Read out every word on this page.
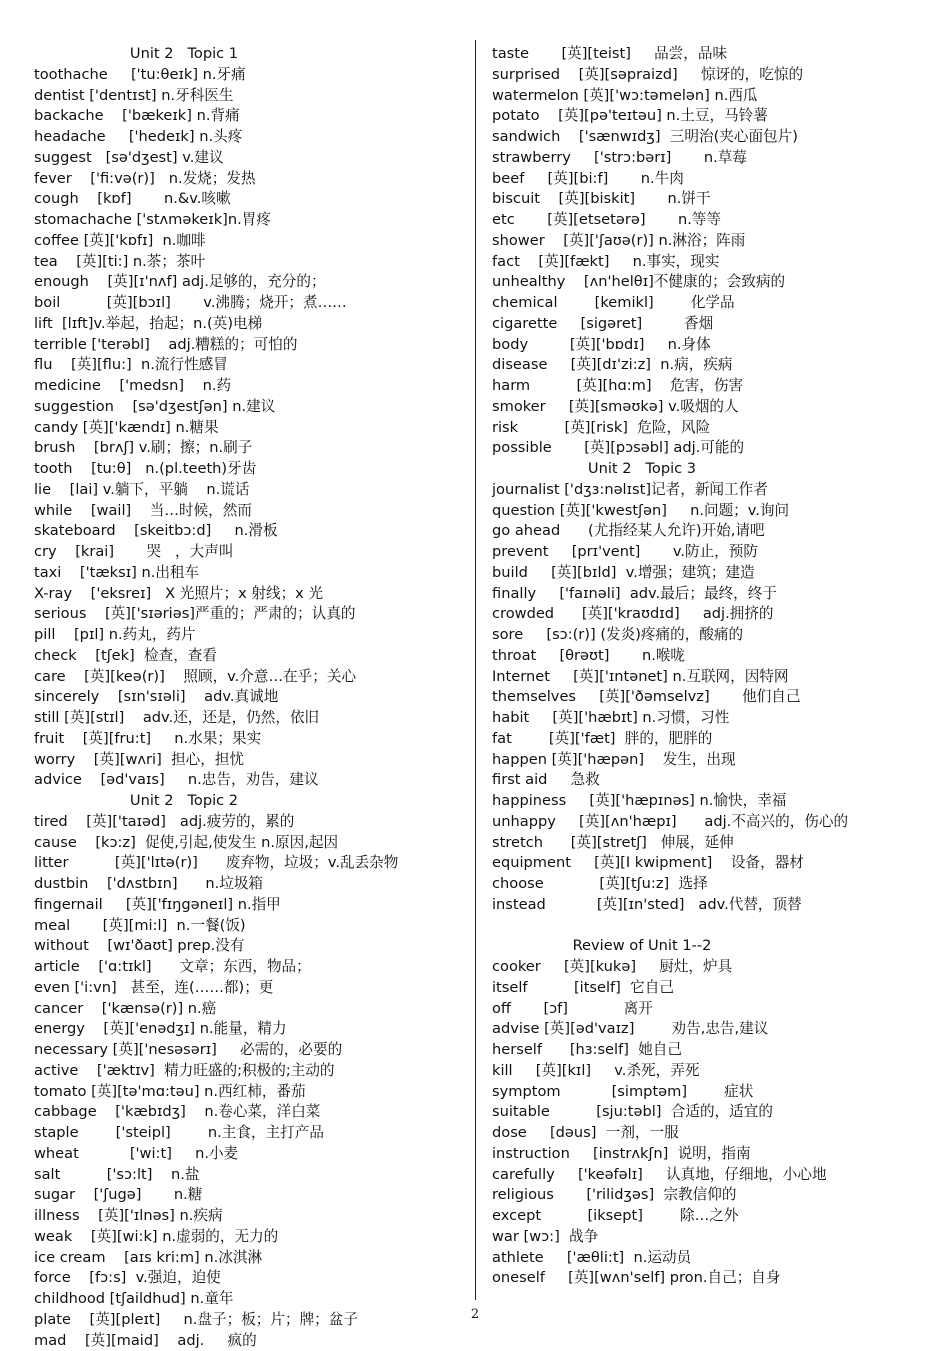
Unit 2   Topic 1
toothache     ['tu:θeɪk] n.牙痛
dentist ['dentɪst] n.牙科医生
backache    ['bækeɪk] n.背痛
headache     ['hedeɪk] n.头疼
suggest   [sə'dʒest] v.建议
fever    ['fi:və(r)]   n.发烧；发热
cough    [kɒf]       n.&v.咳嗽
stomachache ['stʌməkeɪk]n.胃疼
coffee [英]['kɒfɪ]  n.咖啡
tea    [英][ti:] n.茶；茶叶
enough    [英][ɪ'nʌf] adj.足够的，充分的；
boil          [英][bɔɪl]       v.沸腾；烧开；煮……
lift  [lɪft]v.举起，抬起；n.(英)电梯
terrible ['terəbl]    adj.糟糕的；可怕的
flu    [英][flu:]  n.流行性感冒
medicine    ['medsn]    n.药
suggestion    [sə'dʒestʃən] n.建议
candy [英]['kændɪ] n.糖果
brush    [brʌʃ] v.刷；擦；n.刷子
tooth    [tu:θ]   n.(pl.teeth)牙齿
lie    [lai] v.躺下，平躺    n.谎话
while    [wail]    当…时候，然而
skateboard    [skeitbɔ:d]     n.滑板
cry    [krai]       哭   ，大声叫
taxi    ['tæksɪ] n.出租车
X-ray    ['eksreɪ]   X 光照片；x 射线；x 光
serious    [英]['sɪəriəs]严重的；严肃的；认真的
pill    [pɪl] n.药丸，药片
check    [tʃek]  检查，查看
care    [英][keə(r)]    照顾，v.介意…在乎；关心
sincerely    [sɪn'sɪəli]    adv.真诚地
still [英][stɪl]    adv.还，还是，仍然，依旧
fruit    [英][fru:t]     n.水果；果实
worry    [英][wʌri]  担心，担忧
advice    [əd'vaɪs]     n.忠告，劝告，建议
Unit 2   Topic 2
tired    [英]['taɪəd]   adj.疲劳的，累的
cause    [kɔ:z]  促使,引起,使发生 n.原因,起因
litter          [英]['lɪtə(r)]      废弃物，垃圾；v.乱丢杂物
dustbin    ['dʌstbɪn]      n.垃圾箱
fingernail     [英]['fɪŋgəneɪl] n.指甲
meal       [英][mi:l]  n.一餐(饭)
without    [wɪ'ðaʊt] prep.没有
article    ['ɑ:tɪkl]      文章；东西，物品；
even ['i:vn]   甚至，连(……都)；更
cancer    ['kænsə(r)] n.癌
energy    [英]['enədʒɪ] n.能量，精力
necessary [英]['nesəsərɪ]     必需的，必要的
active    ['æktɪv]  精力旺盛的;积极的;主动的
tomato [英][tə'mɑ:təu] n.西红柿，番茄
cabbage    ['kæbɪdʒ]    n.卷心菜，洋白菜
staple        ['steipl]        n.主食，主打产品
wheat           ['wi:t]     n.小麦
salt          ['sɔ:lt]    n.盐
sugar    ['ʃugə]       n.糖
illness    [英]['ɪlnəs] n.疾病
weak    [英][wi:k] n.虚弱的，无力的
ice cream    [aɪs kri:m] n.冰淇淋
force    [fɔ:s]  v.强迫，迫使
childhood [tʃaildhud] n.童年
plate    [英][pleɪt]     n.盘子；板；片；牌；盆子
mad    [英][maid]    adj.     疯的
taste       [英][teist]     品尝，品味
surprised    [英][səpraizd]     惊讶的，吃惊的
watermelon [英]['wɔ:təmelən] n.西瓜
potato    [英][pə'teɪtəu] n.土豆，马铃薯
sandwich    ['sænwɪdʒ]  三明治(夹心面包片)
strawberry     ['strɔ:bərɪ]       n.草莓
beef     [英][bi:f]       n.牛肉
biscuit    [英][biskit]       n.饼干
etc       [英][etsetərə]       n.等等
shower    [英]['ʃaʊə(r)] n.淋浴；阵雨
fact    [英][fækt]     n.事实，现实
unhealthy    [ʌn'helθɪ]不健康的；会致病的
chemical        [kemikl]        化学品
cigarette     [sigəret]         香烟
body         [英]['bɒdɪ]     n.身体
disease     [英][dɪ'zi:z]  n.病，疾病
harm          [英][hɑ:m]    危害，伤害
smoker     [英][sməʊkə] v.吸烟的人
risk          [英][risk]  危险，风险
possible       [英][pɔsəbl] adj.可能的
Unit 2   Topic 3
journalist ['dʒɜ:nəlɪst]记者，新闻工作者
question [英]['kwestʃən]     n.问题；v.询问
go ahead      (尤指经某人允许)开始,请吧
prevent     [prɪ'vent]       v.防止，预防
build     [英][bɪld]  v.增强；建筑；建造
finally     ['faɪnəli]  adv.最后；最终，终于
crowded      [英]['kraʊdɪd]     adj.拥挤的
sore     [sɔ:(r)] (发炎)疼痛的，酸痛的
throat     [θrəʊt]       n.喉咙
Internet     [英]['ɪntənet] n.互联网，因特网
themselves     [英]['ðəmselvz]       他们自己
habit     [英]['hæbɪt] n.习惯，习性
fat        [英]['fæt]  胖的，肥胖的
happen [英]['hæpən]    发生，出现
first aid     急救
happiness     [英]['hæpɪnəs] n.愉快，幸福
unhappy     [英][ʌn'hæpɪ]      adj.不高兴的，伤心的
stretch      [英][stretʃ]   伸展，延伸
equipment     [英][I kwipment]    设备，器材
choose            [英][tʃu:z]  选择
instead           [英][ɪn'sted]   adv.代替，顶替
Review of Unit 1--2
cooker     [英][kukə]     厨灶，炉具
itself          [itself]  它自己
off       [ɔf]            离开
advise [英][əd'vaɪz]        劝告,忠告,建议
herself      [hɜ:self]  她自己
kill     [英][kɪl]     v.杀死，弄死
symptom           [simptəm]        症状
suitable          [sju:təbl]  合适的，适宜的
dose     [dəus]  一剂，一服
instruction     [instrʌkʃn]  说明，指南
carefully     ['keəfəlɪ]     认真地，仔细地，小心地
religious       ['rilidʒəs]  宗教信仰的
except          [iksept]        除…之外
war [wɔ:]  战争
athlete     ['æθli:t]  n.运动员
oneself     [英][wʌn'self] pron.自己；自身
2
